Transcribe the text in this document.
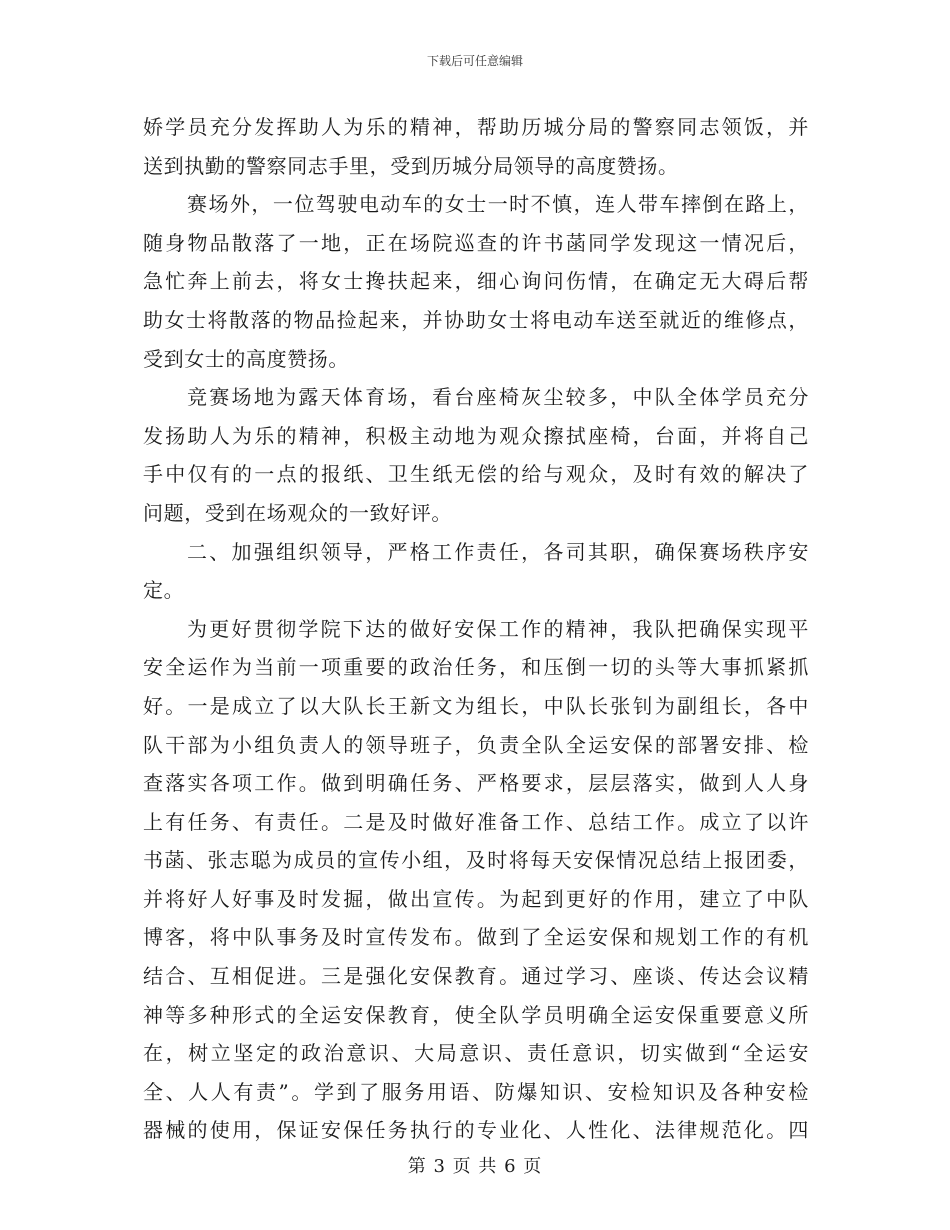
下载后可任意编辑
娇学员充分发挥助人为乐的精神，帮助历城分局的警察同志领饭，并
送到执勤的警察同志手里，受到历城分局领导的高度赞扬。
赛场外，一位驾驶电动车的女士一时不慎，连人带车摔倒在路上，
随身物品散落了一地，正在场院巡查的许书菡同学发现这一情况后，
急忙奔上前去，将女士搀扶起来，细心询问伤情，在确定无大碍后帮
助女士将散落的物品捡起来，并协助女士将电动车送至就近的维修点，
受到女士的高度赞扬。
竞赛场地为露天体育场，看台座椅灰尘较多，中队全体学员充分
发扬助人为乐的精神，积极主动地为观众擦拭座椅，台面，并将自己
手中仅有的一点的报纸、卫生纸无偿的给与观众，及时有效的解决了
问题，受到在场观众的一致好评。
二、加强组织领导，严格工作责任，各司其职，确保赛场秩序安
定。
为更好贯彻学院下达的做好安保工作的精神，我队把确保实现平
安全运作为当前一项重要的政治任务，和压倒一切的头等大事抓紧抓
好。一是成立了以大队长王新文为组长，中队长张钊为副组长，各中
队干部为小组负责人的领导班子，负责全队全运安保的部署安排、检
查落实各项工作。做到明确任务、严格要求，层层落实，做到人人身
上有任务、有责任。二是及时做好准备工作、总结工作。成立了以许
书菡、张志聪为成员的宣传小组，及时将每天安保情况总结上报团委，
并将好人好事及时发掘，做出宣传。为起到更好的作用，建立了中队
博客，将中队事务及时宣传发布。做到了全运安保和规划工作的有机
结合、互相促进。三是强化安保教育。通过学习、座谈、传达会议精
神等多种形式的全运安保教育，使全队学员明确全运安保重要意义所
在，树立坚定的政治意识、大局意识、责任意识，切实做到“全运安
全、人人有责”。学到了服务用语、防爆知识、安检知识及各种安检
器械的使用，保证安保任务执行的专业化、人性化、法律规范化。四
第 3 页 共 6 页
